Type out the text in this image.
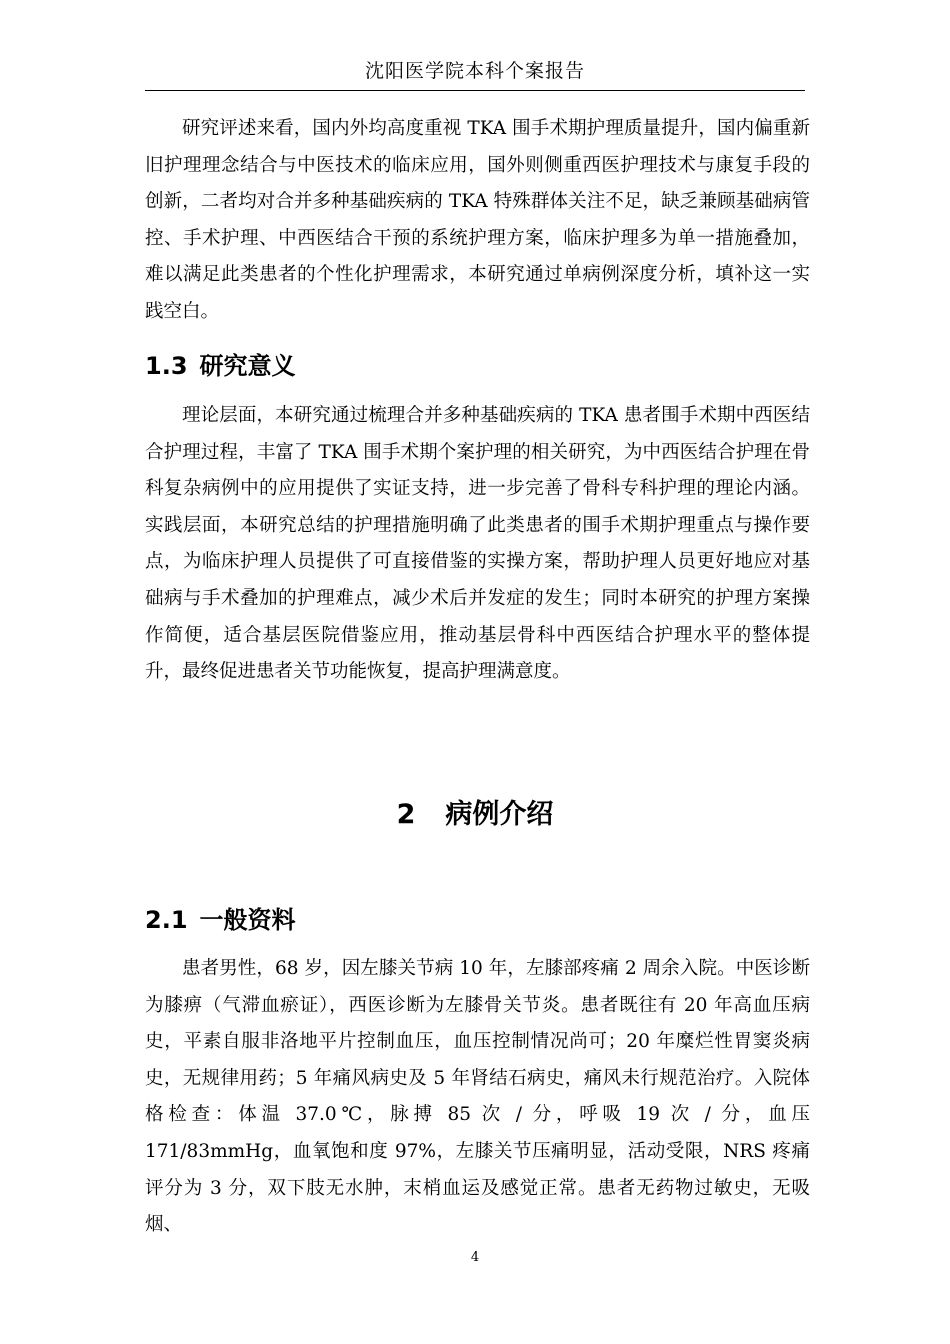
沈阳医学院本科个案报告

研究评述来看，国内外均高度重视 TKA 围手术期护理质量提升，国内偏重新旧护理理念结合与中医技术的临床应用，国外则侧重西医护理技术与康复手段的创新，二者均对合并多种基础疾病的 TKA 特殊群体关注不足，缺乏兼顾基础病管控、手术护理、中西医结合干预的系统护理方案，临床护理多为单一措施叠加，难以满足此类患者的个性化护理需求，本研究通过单病例深度分析，填补这一实践空白。

1.3 研究意义

理论层面，本研究通过梳理合并多种基础疾病的 TKA 患者围手术期中西医结合护理过程，丰富了 TKA 围手术期个案护理的相关研究，为中西医结合护理在骨科复杂病例中的应用提供了实证支持，进一步完善了骨科专科护理的理论内涵。实践层面，本研究总结的护理措施明确了此类患者的围手术期护理重点与操作要点，为临床护理人员提供了可直接借鉴的实操方案，帮助护理人员更好地应对基础病与手术叠加的护理难点，减少术后并发症的发生；同时本研究的护理方案操作简便，适合基层医院借鉴应用，推动基层骨科中西医结合护理水平的整体提升，最终促进患者关节功能恢复，提高护理满意度。

2 病例介绍
2.1 一般资料

患者男性，68 岁，因左膝关节病 10 年，左膝部疼痛 2 周余入院。中医诊断为膝痹（气滞血瘀证），西医诊断为左膝骨关节炎。患者既往有 20 年高血压病史，平素自服非洛地平片控制血压，血压控制情况尚可；20 年糜烂性胃窦炎病史，无规律用药；5 年痛风病史及 5 年肾结石病史，痛风未行规范治疗。入院体格检查：体温 37.0℃，脉搏 85 次 / 分，呼吸 19 次 / 分，血压 171/83mmHg，血氧饱和度 97%，左膝关节压痛明显，活动受限，NRS 疼痛评分为 3 分，双下肢无水肿，末梢血运及感觉正常。患者无药物过敏史，无吸烟、

4
